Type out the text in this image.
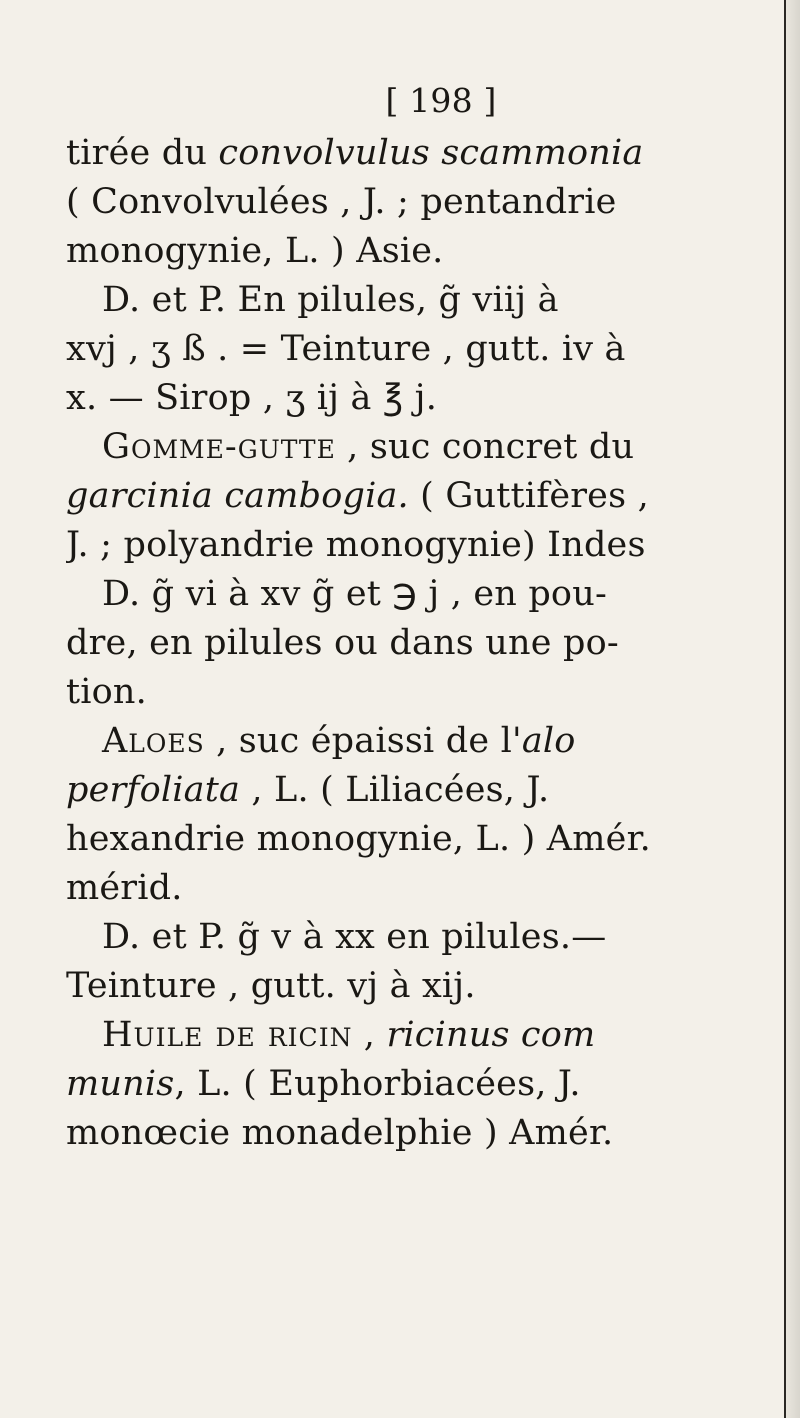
[ 198 ]
tirée du convolvulus scammonia
( Convolvulées , J. ; pentandrie
monogynie, L. ) Asie.
D. et P. En pilules, g̃ viij à
xvj , ʒ ß . = Teinture , gutt. iv à
x. — Sirop , ʒ ij à ℥ j.
Gomme-gutte , suc concret du
garcinia cambogia. ( Guttifères ,
J. ; polyandrie monogynie) Indes
D. g̃ vi à xv g̃ et ℈ j , en pou-
dre, en pilules ou dans une po-
tion.
Aloes , suc épaissi de l'alo
perfoliata , L. ( Liliacées, J.
hexandrie monogynie, L. ) Amér.
mérid.
D. et P. g̃ v à xx en pilules.—
Teinture , gutt. vj à xij.
Huile de ricin , ricinus com
munis, L. ( Euphorbiacées, J.
monœcie monadelphie ) Amér.
